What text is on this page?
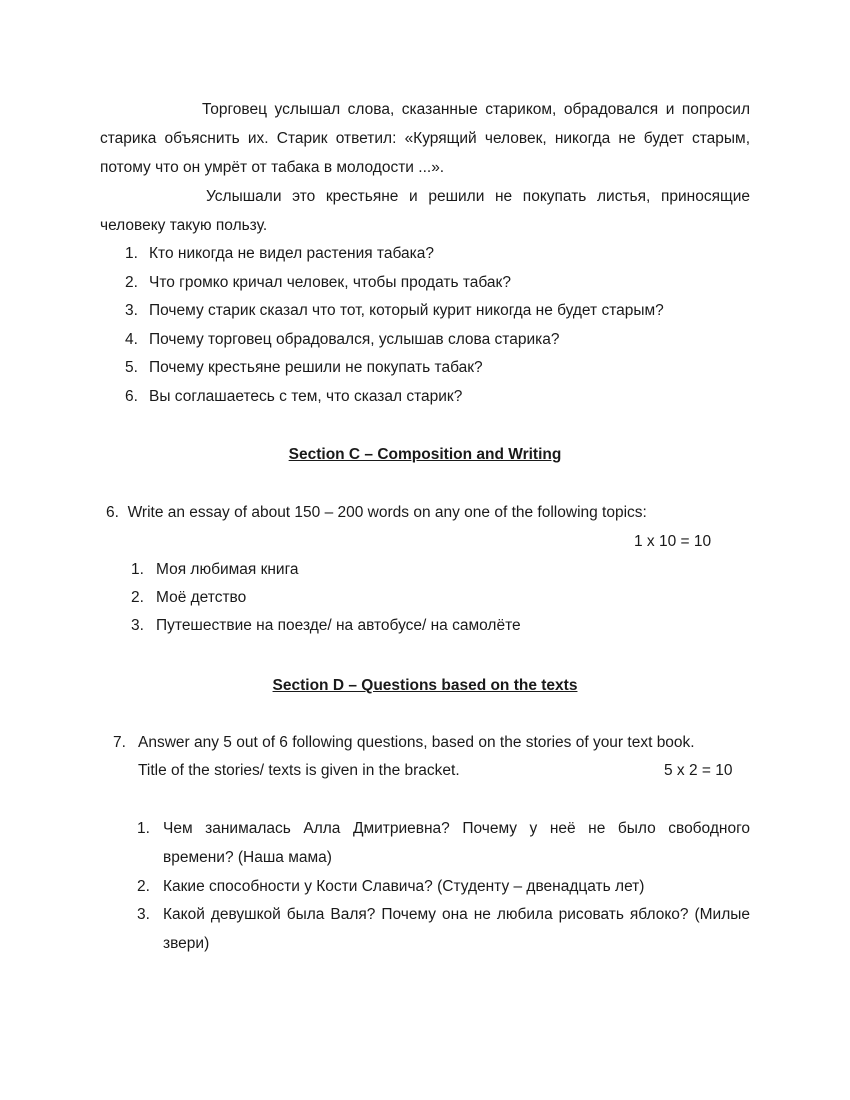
Торговец услышал слова, сказанные стариком, обрадовался и попросил старика объяснить их. Старик ответил: «Курящий человек, никогда не будет старым, потому что он умрёт от табака в молодости ...».

Услышали это крестьяне и решили не покупать листья, приносящие человеку такую пользу.

1. Кто никогда не видел растения табака?
2. Что громко кричал человек, чтобы продать табак?
3. Почему старик сказал что тот, который курит никогда не будет старым?
4. Почему торговец обрадовался, услышав слова старика?
5. Почему крестьяне решили не покупать табак?
6. Вы соглашаетесь с тем, что сказал старик?
Section C – Composition and Writing

6. Write an essay of about 150 – 200 words on any one of the following topics:

1 x 10 = 10

1. Моя любимая книга
2. Моё детство
3. Путешествие на поезде/ на автобусе/ на самолёте
Section D – Questions based on the texts

7. Answer any 5 out of 6 following questions, based on the stories of your text book.

Title of the stories/ texts is given in the bracket.	5 x 2 = 10

1. Чем занималась Алла Дмитриевна? Почему у неё не было свободного времени? (Наша мама)

2. Какие способности у Кости Славича? (Студенту – двенадцать лет)

3. Какой девушкой была Валя? Почему она не любила рисовать яблоко? (Милые звери)
